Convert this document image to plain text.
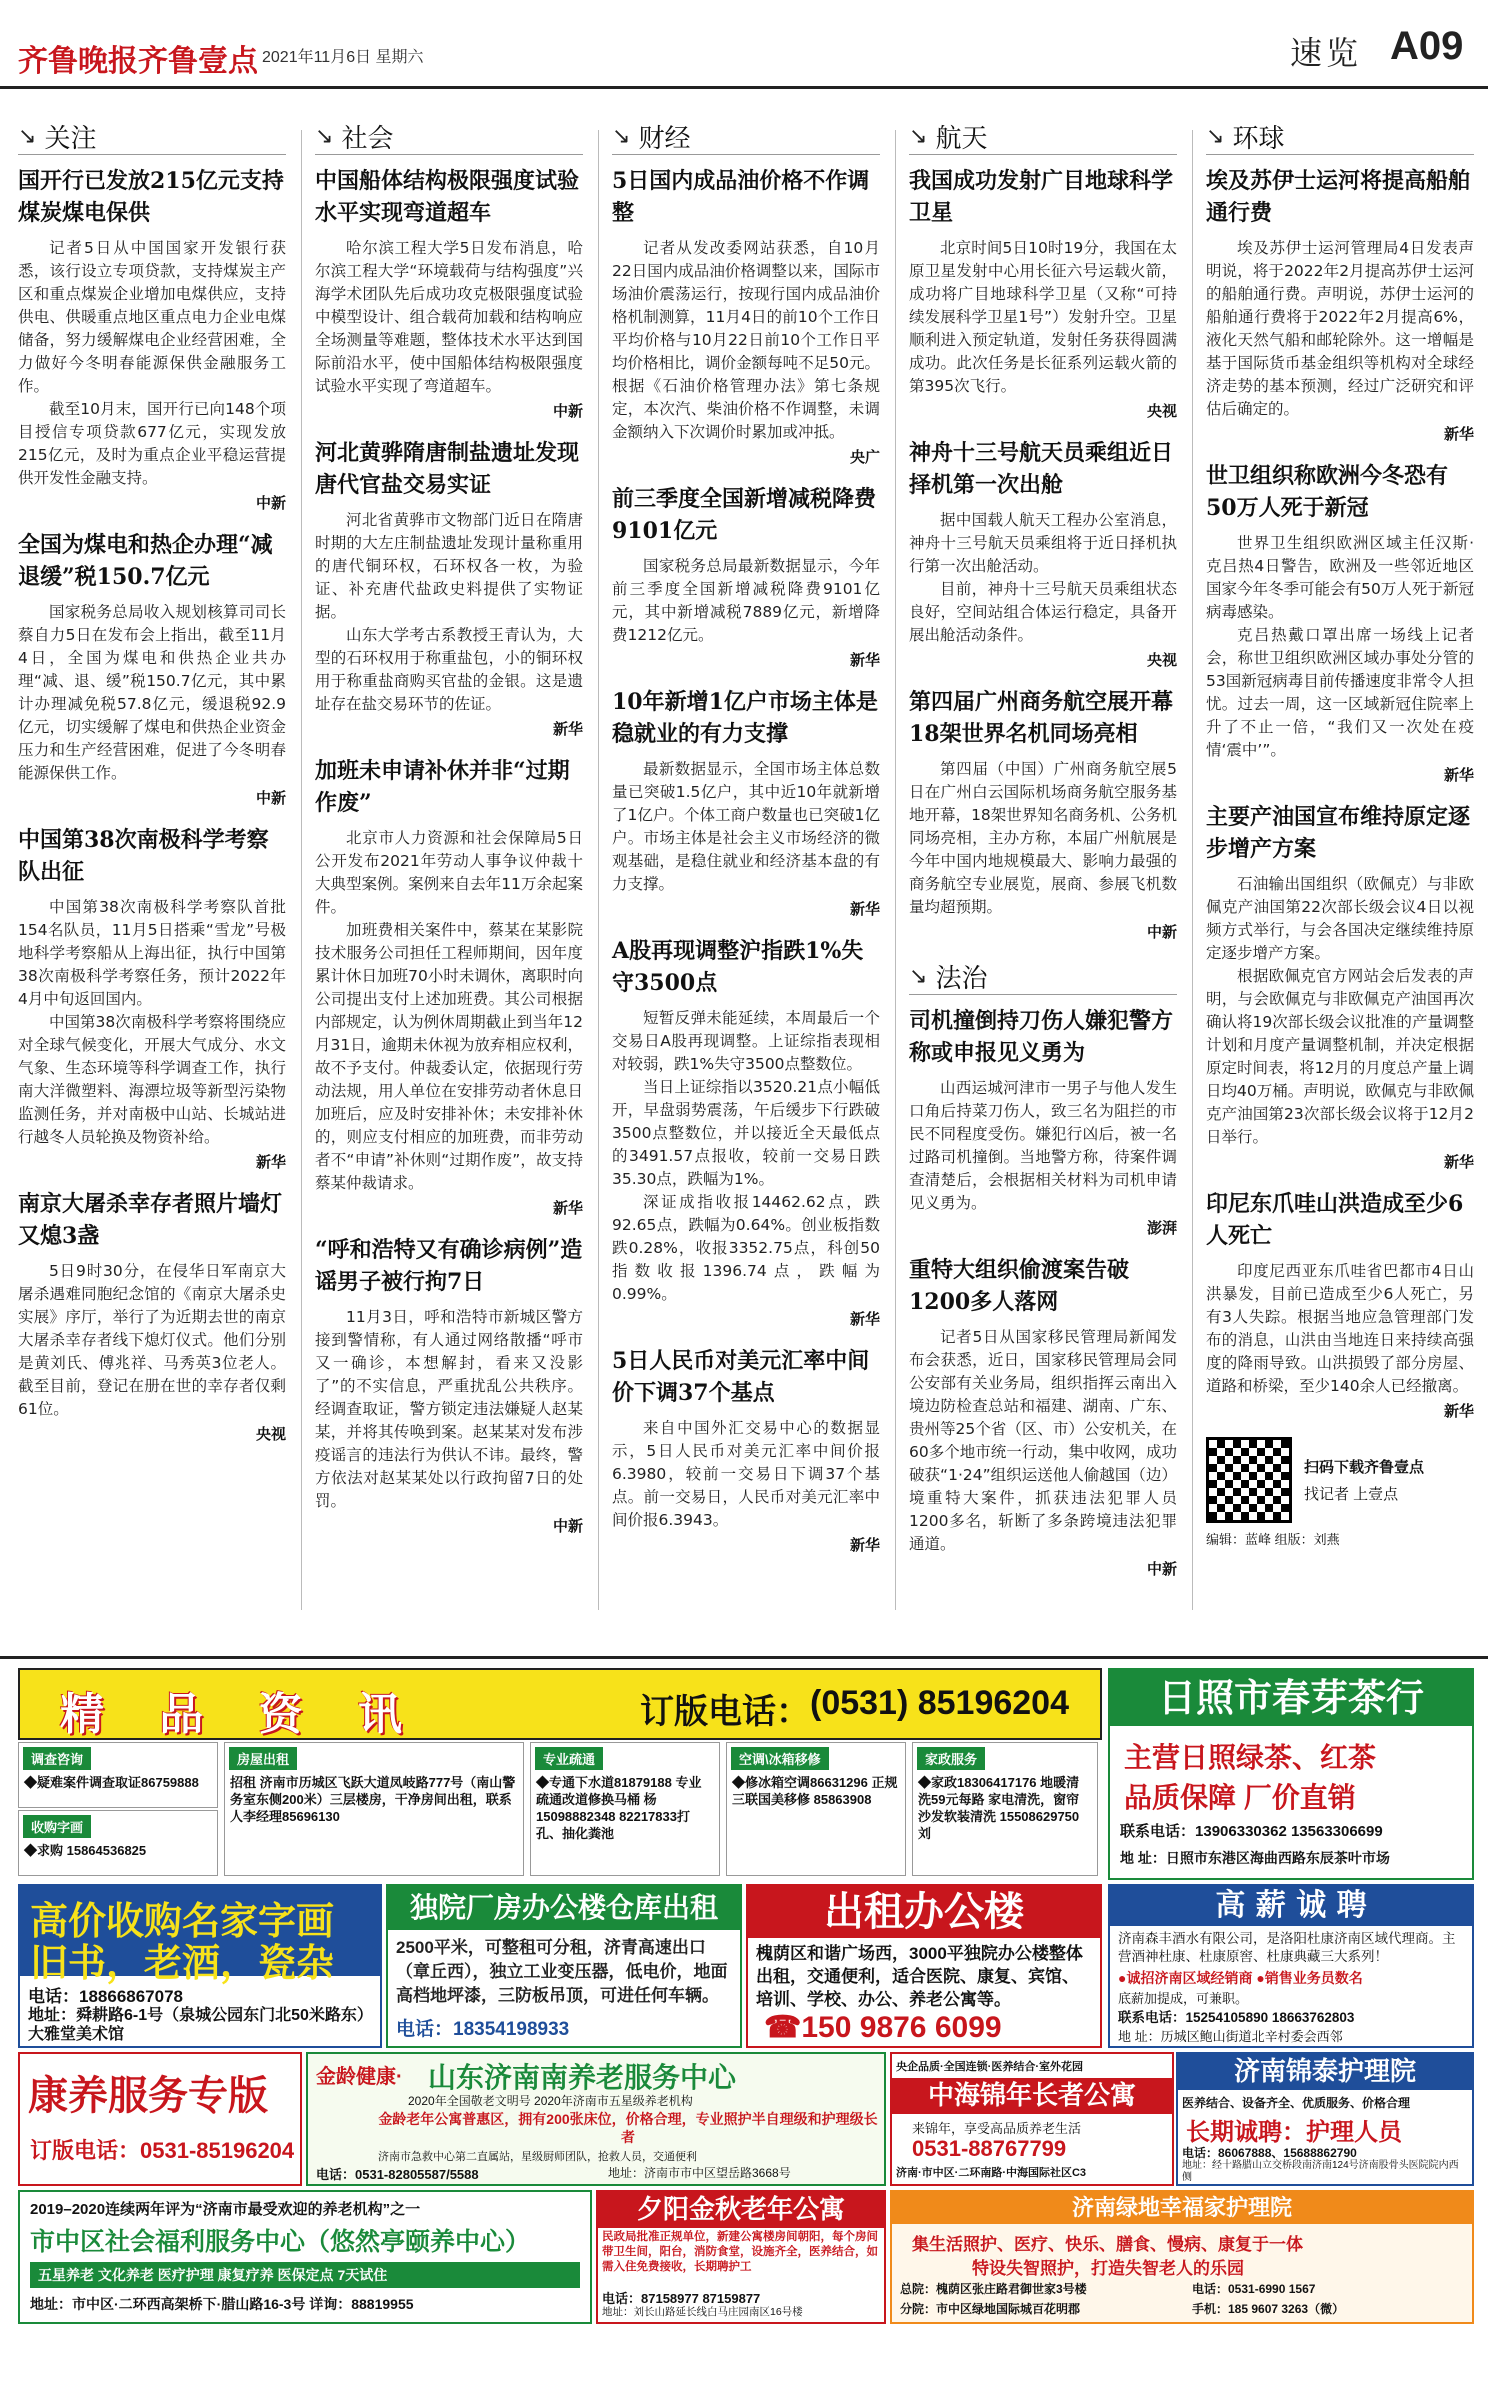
齐鲁晚报 齐鲁壹点 2021年11月6日 星期六	速览 A09
↘ 关注
国开行已发放215亿元支持煤炭煤电保供

记者5日从中国国家开发银行获悉，该行设立专项贷款，支持煤炭主产区和重点煤炭企业增加电煤供应，支持供电、供暖重点地区重点电力企业电煤储备，努力缓解煤电企业经营困难，全力做好今冬明春能源保供金融服务工作。

截至10月末，国开行已向148个项目授信专项贷款677亿元，实现发放215亿元，及时为重点企业平稳运营提供开发性金融支持。

中新
全国为煤电和热企办理“减退缓”税150.7亿元

国家税务总局收入规划核算司司长蔡自力5日在发布会上指出，截至11月4日，全国为煤电和供热企业共办理“减、退、缓”税150.7亿元，其中累计办理减免税57.8亿元，缓退税92.9亿元，切实缓解了煤电和供热企业资金压力和生产经营困难，促进了今冬明春能源保供工作。

中新
中国第38次南极科学考察队出征

中国第38次南极科学考察队首批154名队员，11月5日搭乘“雪龙”号极地科学考察船从上海出征，执行中国第38次南极科学考察任务，预计2022年4月中旬返回国内。

中国第38次南极科学考察将围绕应对全球气候变化，开展大气成分、水文气象、生态环境等科学调查工作，执行南大洋微塑料、海漂垃圾等新型污染物监测任务，并对南极中山站、长城站进行越冬人员轮换及物资补给。

新华
南京大屠杀幸存者照片墙灯又熄3盏

5日9时30分，在侵华日军南京大屠杀遇难同胞纪念馆的《南京大屠杀史实展》序厅，举行了为近期去世的南京大屠杀幸存者线下熄灯仪式。他们分别是黄刘氏、傅兆祥、马秀英3位老人。截至目前，登记在册在世的幸存者仅剩61位。

央视
↘ 社会
中国船体结构极限强度试验水平实现弯道超车

哈尔滨工程大学5日发布消息，哈尔滨工程大学“环境载荷与结构强度”兴海学术团队先后成功攻克极限强度试验中模型设计、组合载荷加载和结构响应全场测量等难题，整体技术水平达到国际前沿水平，使中国船体结构极限强度试验水平实现了弯道超车。

中新
河北黄骅隋唐制盐遗址发现唐代官盐交易实证

河北省黄骅市文物部门近日在隋唐时期的大左庄制盐遗址发现计量称重用的唐代铜环权，石环权各一枚，为验证、补充唐代盐政史料提供了实物证据。

山东大学考古系教授王青认为，大型的石环权用于称重盐包，小的铜环权用于称重盐商购买官盐的金银。这是遗址存在盐交易环节的佐证。

新华
加班未申请补休并非“过期作废”

北京市人力资源和社会保障局5日公开发布2021年劳动人事争议仲裁十大典型案例。案例来自去年11万余起案件。

加班费相关案件中，蔡某在某影院技术服务公司担任工程师期间，因年度累计休日加班70小时未调休，离职时向公司提出支付上述加班费。其公司根据内部规定，认为例休周期截止到当年12月31日，逾期未休视为放弃相应权利，故不予支付。仲裁委认定，依据现行劳动法规，用人单位在安排劳动者休息日加班后，应及时安排补休；未安排补休的，则应支付相应的加班费，而非劳动者不“申请”补休则“过期作废”，故支持蔡某仲裁请求。

新华
“呼和浩特又有确诊病例”造谣男子被行拘7日

11月3日，呼和浩特市新城区警方接到警情称，有人通过网络散播“呼市又一确诊，本想解封，看来又没影了”的不实信息，严重扰乱公共秩序。经调查取证，警方锁定违法嫌疑人赵某某，并将其传唤到案。赵某某对发布涉疫谣言的违法行为供认不讳。最终，警方依法对赵某某处以行政拘留7日的处罚。

中新
↘ 财经
5日国内成品油价格不作调整

记者从发改委网站获悉，自10月22日国内成品油价格调整以来，国际市场油价震荡运行，按现行国内成品油价格机制测算，11月4日的前10个工作日平均价格与10月22日前10个工作日平均价格相比，调价金额每吨不足50元。根据《石油价格管理办法》第七条规定，本次汽、柴油价格不作调整，未调金额纳入下次调价时累加或冲抵。

央广
前三季度全国新增减税降费9101亿元

国家税务总局最新数据显示，今年前三季度全国新增减税降费9101亿元，其中新增减税7889亿元，新增降费1212亿元。

新华
10年新增1亿户市场主体是稳就业的有力支撑

最新数据显示，全国市场主体总数量已突破1.5亿户，其中近10年就新增了1亿户。个体工商户数量也已突破1亿户。市场主体是社会主义市场经济的微观基础，是稳住就业和经济基本盘的有力支撑。

新华
A股再现调整沪指跌1%失守3500点

短暂反弹未能延续，本周最后一个交易日A股再现调整。上证综指表现相对较弱，跌1%失守3500点整数位。

当日上证综指以3520.21点小幅低开，早盘弱势震荡，午后缓步下行跌破3500点整数位，并以接近全天最低点的3491.57点报收，较前一交易日跌35.30点，跌幅为1%。

深证成指收报14462.62点，跌92.65点，跌幅为0.64%。创业板指数跌0.28%，收报3352.75点，科创50指数收报1396.74点，跌幅为0.99%。

新华
5日人民币对美元汇率中间价下调37个基点

来自中国外汇交易中心的数据显示，5日人民币对美元汇率中间价报6.3980，较前一交易日下调37个基点。前一交易日，人民币对美元汇率中间价报6.3943。

新华
↘ 航天
我国成功发射广目地球科学卫星

北京时间5日10时19分，我国在太原卫星发射中心用长征六号运载火箭，成功将广目地球科学卫星（又称“可持续发展科学卫星1号”）发射升空。卫星顺利进入预定轨道，发射任务获得圆满成功。此次任务是长征系列运载火箭的第395次飞行。

央视
神舟十三号航天员乘组近日择机第一次出舱

据中国载人航天工程办公室消息，神舟十三号航天员乘组将于近日择机执行第一次出舱活动。

目前，神舟十三号航天员乘组状态良好，空间站组合体运行稳定，具备开展出舱活动条件。

央视
第四届广州商务航空展开幕18架世界名机同场亮相

第四届（中国）广州商务航空展5日在广州白云国际机场商务航空服务基地开幕，18架世界知名商务机、公务机同场亮相，主办方称，本届广州航展是今年中国内地规模最大、影响力最强的商务航空专业展览，展商、参展飞机数量均超预期。

中新
↘ 法治
司机撞倒持刀伤人嫌犯警方称或申报见义勇为

山西运城河津市一男子与他人发生口角后持菜刀伤人，致三名为阻拦的市民不同程度受伤。嫌犯行凶后，被一名过路司机撞倒。当地警方称，待案件调查清楚后，会根据相关材料为司机申请见义勇为。

澎湃
重特大组织偷渡案告破1200多人落网

记者5日从国家移民管理局新闻发布会获悉，近日，国家移民管理局会同公安部有关业务局，组织指挥云南出入境边防检查总站和福建、湖南、广东、贵州等25个省（区、市）公安机关，在60多个地市统一行动，集中收网，成功破获“1·24”组织运送他人偷越国（边）境重特大案件，抓获违法犯罪人员1200多名，斩断了多条跨境违法犯罪通道。

中新
↘ 环球
埃及苏伊士运河将提高船舶通行费

埃及苏伊士运河管理局4日发表声明说，将于2022年2月提高苏伊士运河的船舶通行费。声明说，苏伊士运河的船舶通行费将于2022年2月提高6%，液化天然气船和邮轮除外。这一增幅是基于国际货币基金组织等机构对全球经济走势的基本预测，经过广泛研究和评估后确定的。

新华
世卫组织称欧洲今冬恐有50万人死于新冠

世界卫生组织欧洲区域主任汉斯·克吕热4日警告，欧洲及一些邻近地区国家今年冬季可能会有50万人死于新冠病毒感染。

克吕热戴口罩出席一场线上记者会，称世卫组织欧洲区域办事处分管的53国新冠病毒目前传播速度非常令人担忧。过去一周，这一区域新冠住院率上升了不止一倍，“我们又一次处在疫情‘震中’”。

新华
主要产油国宣布维持原定逐步增产方案

石油输出国组织（欧佩克）与非欧佩克产油国第22次部长级会议4日以视频方式举行，与会各国决定继续维持原定逐步增产方案。

根据欧佩克官方网站会后发表的声明，与会欧佩克与非欧佩克产油国再次确认将19次部长级会议批准的产量调整计划和月度产量调整机制，并决定根据原定时间表，将12月的月度总产量上调日均40万桶。声明说，欧佩克与非欧佩克产油国第23次部长级会议将于12月2日举行。

新华
印尼东爪哇山洪造成至少6人死亡

印度尼西亚东爪哇省巴都市4日山洪暴发，目前已造成至少6人死亡，另有3人失踪。根据当地应急管理部门发布的消息，山洪由当地连日来持续高强度的降雨导致。山洪损毁了部分房屋、道路和桥梁，至少140余人已经撤离。

新华
扫码下载齐鲁壹点
找记者 上壹点
编辑：蓝峰 组版：刘燕
精 品 资 讯	订版电话： (0531) 85196204	日照市春芽茶行
主营日照绿茶、红茶
品质保障 厂价直销
联系电话：13906330362 13563306699
地 址：日照市东港区海曲西路东辰茶叶市场
调查咨询
◆疑难案件调查取证86759888
收购字画
◆求购 15864536825
房屋出租
招租 济南市历城区飞跃大道凤岐路777号（南山警务室东侧200米）三层楼房，干净房间出租，联系人李经理85696130
专业疏通
◆专通下水道81879188 专业疏通改道修换马桶 杨15098882348 82217833打孔、抽化粪池
空调\冰箱移修
◆修冰箱空调86631296 正规 三联国美移修 85863908
家政服务
◆家政18306417176 地暖清洗59元每路 家电清洗，窗帘沙发软装清洗 15508629750刘
高价收购名家字画
旧书，老酒，瓷杂
电话：18866867078
地址：舜耕路6-1号（泉城公园东门北50米路东）大雅堂美术馆
独院厂房办公楼仓库出租
2500平米，可整租可分租，济青高速出口（章丘西），独立工业变压器，低电价，地面高档地坪漆，三防板吊顶，可进任何车辆。
电话：18354198933
出租办公楼
槐荫区和谐广场西，3000平独院办公楼整体出租，交通便利，适合医院、康复、宾馆、培训、学校、办公、养老公寓等。
☎150 9876 6099
高 薪 诚 聘
济南森丰酒水有限公司，是洛阳杜康济南区域代理商。主营酒神杜康、杜康原窖、杜康典藏三大系列！
●诚招济南区域经销商 ●销售业务员数名
底薪加提成，可兼职。
联系电话：15254105890 18663762803
地 址：历城区鲍山街道北辛村委会西邻
康养服务专版
订版电话：0531-85196204
金龄健康· 山东济南南养老服务中心
2020年全国敬老文明号 2020年济南市五星级养老机构
金龄老年公寓普惠区，拥有200张床位，价格合理，专业照护半自理级和护理级长者
济南市急救中心第二直属站，星级厨师团队，抢救人员，交通便利
电话：0531-82805587/5588	地址：济南市市中区望岳路3668号
央企品质·全国连锁·医养结合·室外花园
中海锦年长者公寓
来锦年，享受高品质养老生活
0531-88767799
济南·市中区·二环南路·中海国际社区C3
济南锦泰护理院
医养结合、设备齐全、优质服务、价格合理
长期诚聘：护理人员
电话：86067888、15688862790
地址：经十路腊山立交桥段南济南124号济南股骨头医院院内西侧
2019–2020连续两年评为“济南市最受欢迎的养老机构”之一
市中区社会福利服务中心（悠然亭颐养中心）
五星养老 文化养老 医疗护理 康复疗养 医保定点 7天试住
地址：市中区·二环西高架桥下·腊山路16-3号 详询：88819955
夕阳金秋老年公寓
民政局批准正规单位，新建公寓楼房间朝阳，每个房间带卫生间，阳台，消防食堂，设施齐全，医养结合，如需入住免费接收，长期聘护工
电话：87158977 87159877
地址：刘长山路延长线白马庄园南区16号楼
济南绿地幸福家护理院
集生活照护、医疗、快乐、膳食、慢病、康复于一体
特设失智照护，打造失智老人的乐园
总院：槐荫区张庄路君御世家3号楼	电话：0531-6990 1567
分院：市中区绿地国际城百花明郡	手机：185 9607 3263（微）
